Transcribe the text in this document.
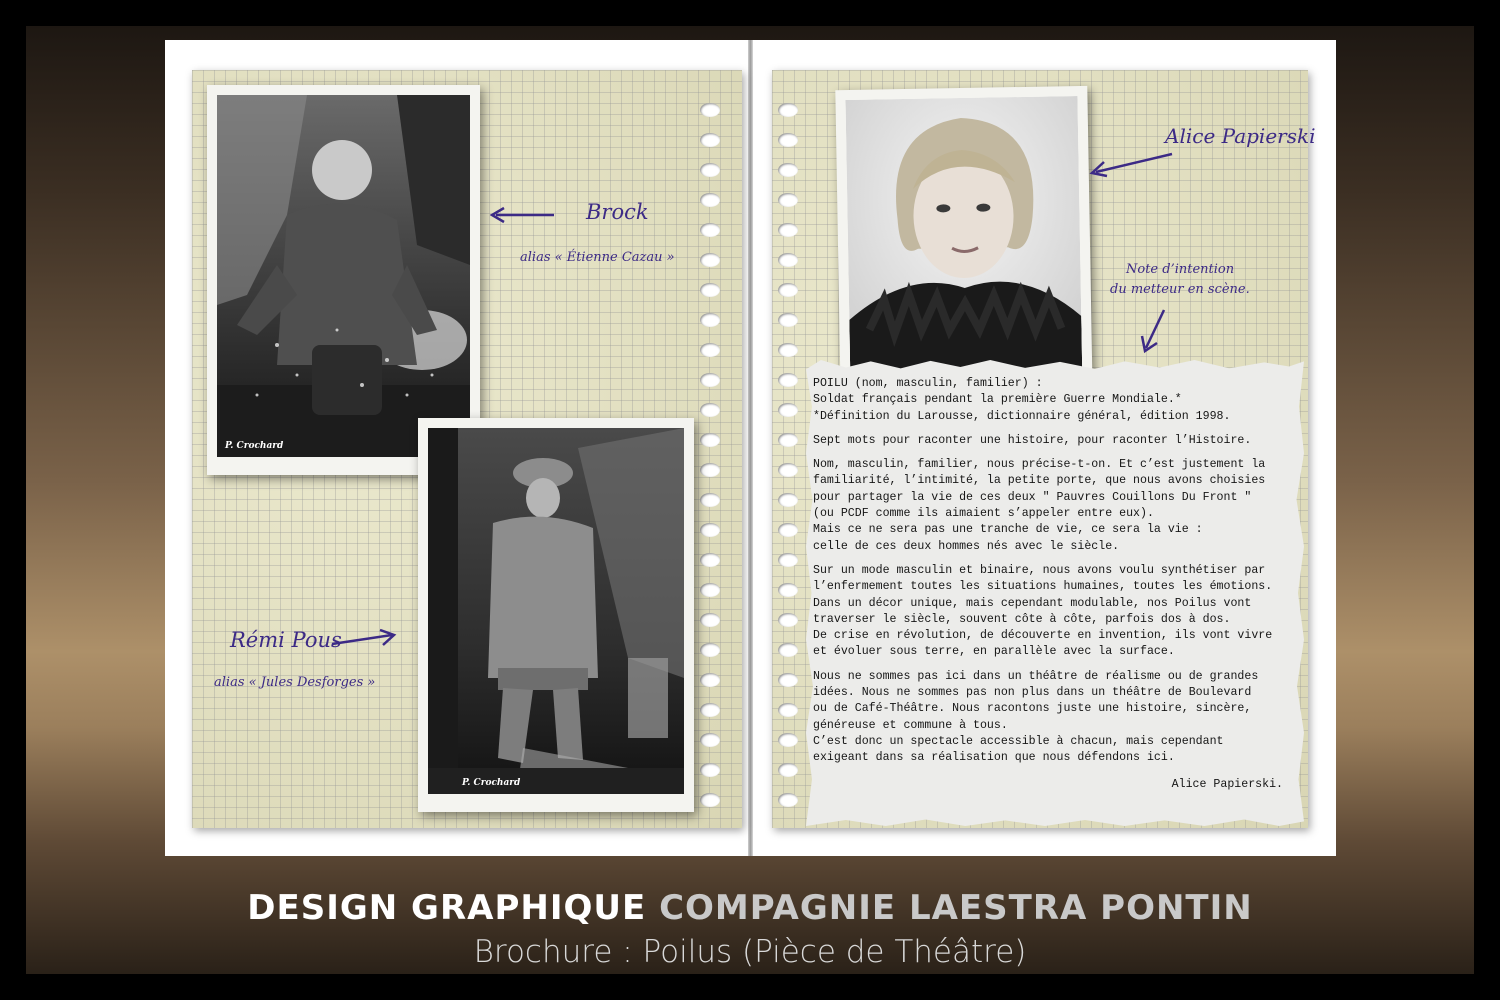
P. Crochard
Brock
alias « Étienne Cazau »
P. Crochard
Rémi Pous
alias « Jules Desforges »
Alice Papierski
Note d’intention
du metteur en scène.
POILU (nom, masculin, familier) :
Soldat français pendant la première Guerre Mondiale.*
*Définition du Larousse, dictionnaire général, édition 1998.
Sept mots pour raconter une histoire, pour raconter l’Histoire.
Nom, masculin, familier, nous précise-t-on. Et c’est justement la
familiarité, l’intimité, la petite porte, que nous avons choisies
pour partager la vie de ces deux " Pauvres Couillons Du Front "
(ou PCDF comme ils aimaient s’appeler entre eux).
Mais ce ne sera pas une tranche de vie, ce sera la vie :
celle de ces deux hommes nés avec le siècle.
Sur un mode masculin et binaire, nous avons voulu synthétiser par
l’enfermement toutes les situations humaines, toutes les émotions.
Dans un décor unique, mais cependant modulable, nos Poilus vont
traverser le siècle, souvent côte à côte, parfois dos à dos.
De crise en révolution, de découverte en invention, ils vont vivre
et évoluer sous terre, en parallèle avec la surface.
Nous ne sommes pas ici dans un théâtre de réalisme ou de grandes
idées. Nous ne sommes pas non plus dans un théâtre de Boulevard
ou de Café-Théâtre. Nous racontons juste une histoire, sincère,
généreuse et commune à tous.
C’est donc un spectacle accessible à chacun, mais cependant
exigeant dans sa réalisation que nous défendons ici.
Alice Papierski.
DESIGN GRAPHIQUE COMPAGNIE LAESTRA PONTIN
Brochure : Poilus (Pièce de Théâtre)
